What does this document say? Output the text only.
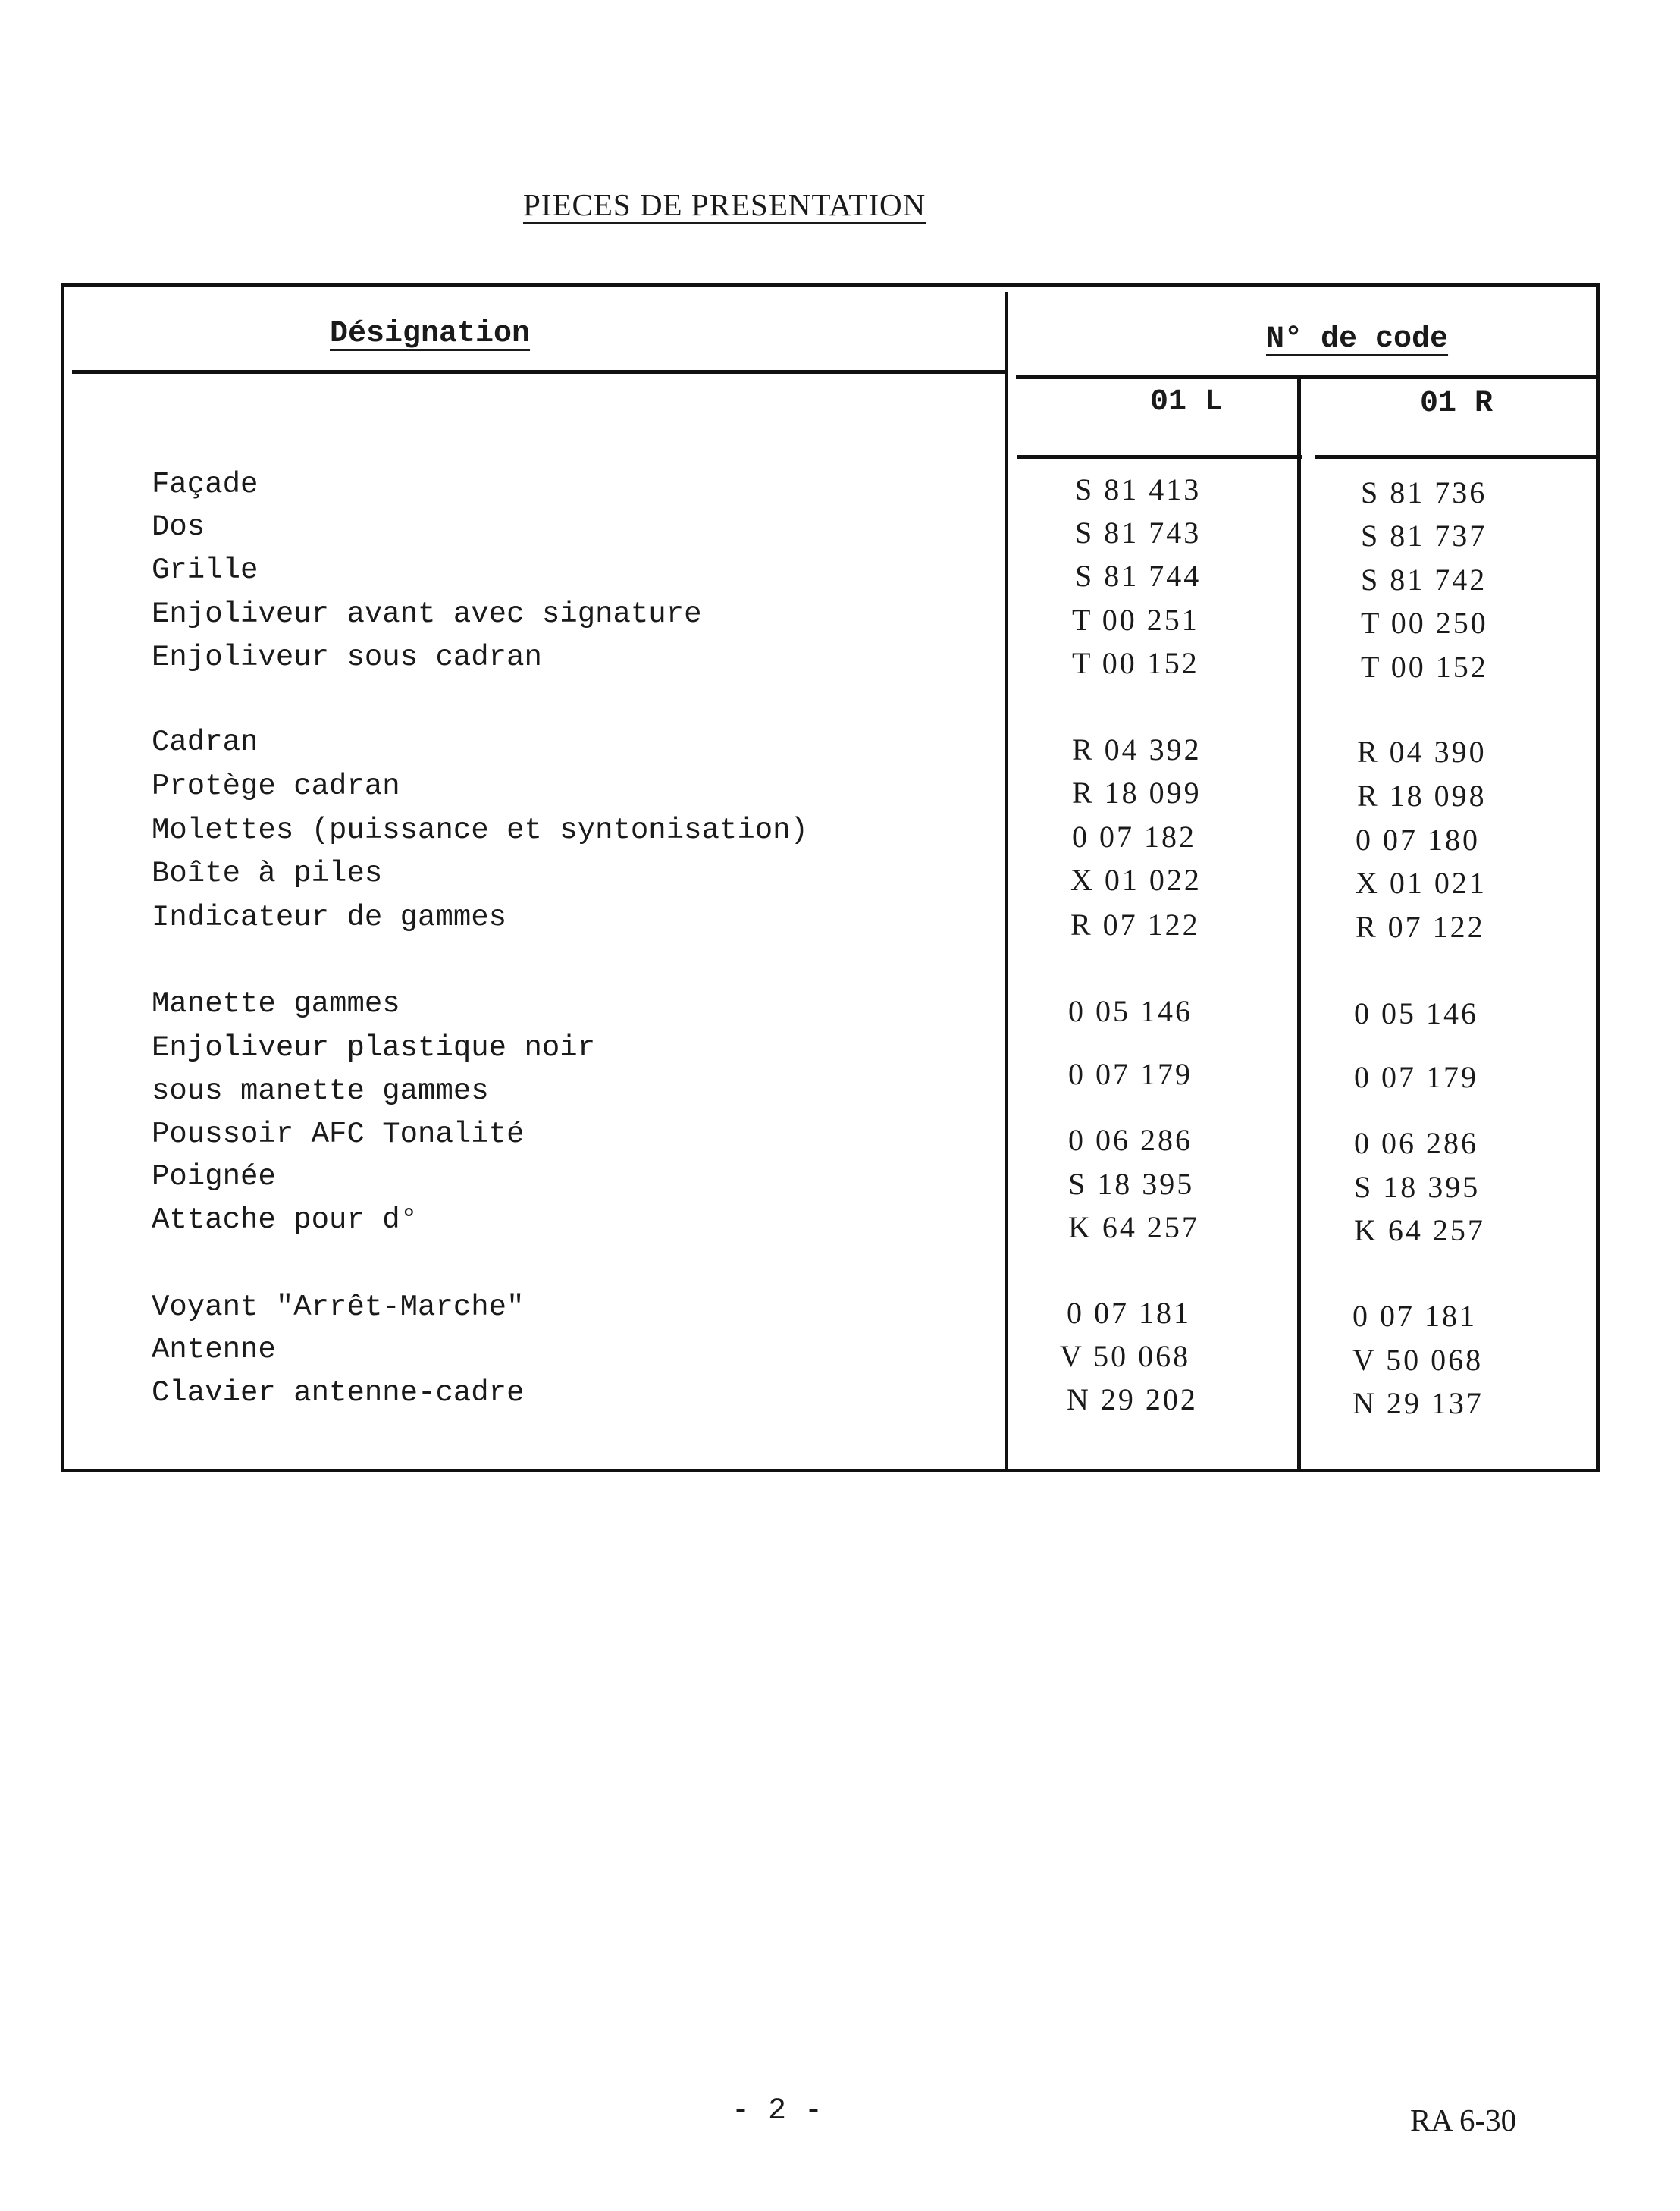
PIECES DE PRESENTATION
Désignation	N° de code
01 L	01 R
Façade	S 81 413	S 81 736
Dos	S 81 743	S 81 737
Grille	S 81 744	S 81 742
Enjoliveur avant avec signature	T 00 251	T 00 250
Enjoliveur sous cadran	T 00 152	T 00 152
Cadran	R 04 392	R 04 390
Protège cadran	R 18 099	R 18 098
Molettes (puissance et syntonisation)	0 07 182	0 07 180
Boîte à piles	X 01 022	X 01 021
Indicateur de gammes	R 07 122	R 07 122
Manette gammes	0 05 146	0 05 146
Enjoliveur plastique noir
sous manette gammes	0 07 179	0 07 179
Poussoir AFC Tonalité	0 06 286	0 06 286
Poignée	S 18 395	S 18 395
Attache pour d°	K 64 257	K 64 257
Voyant "Arrêt-Marche"	0 07 181	0 07 181
Antenne	V 50 068	V 50 068
Clavier antenne-cadre	N 29 202	N 29 137
- 2 -	RA 6-30
